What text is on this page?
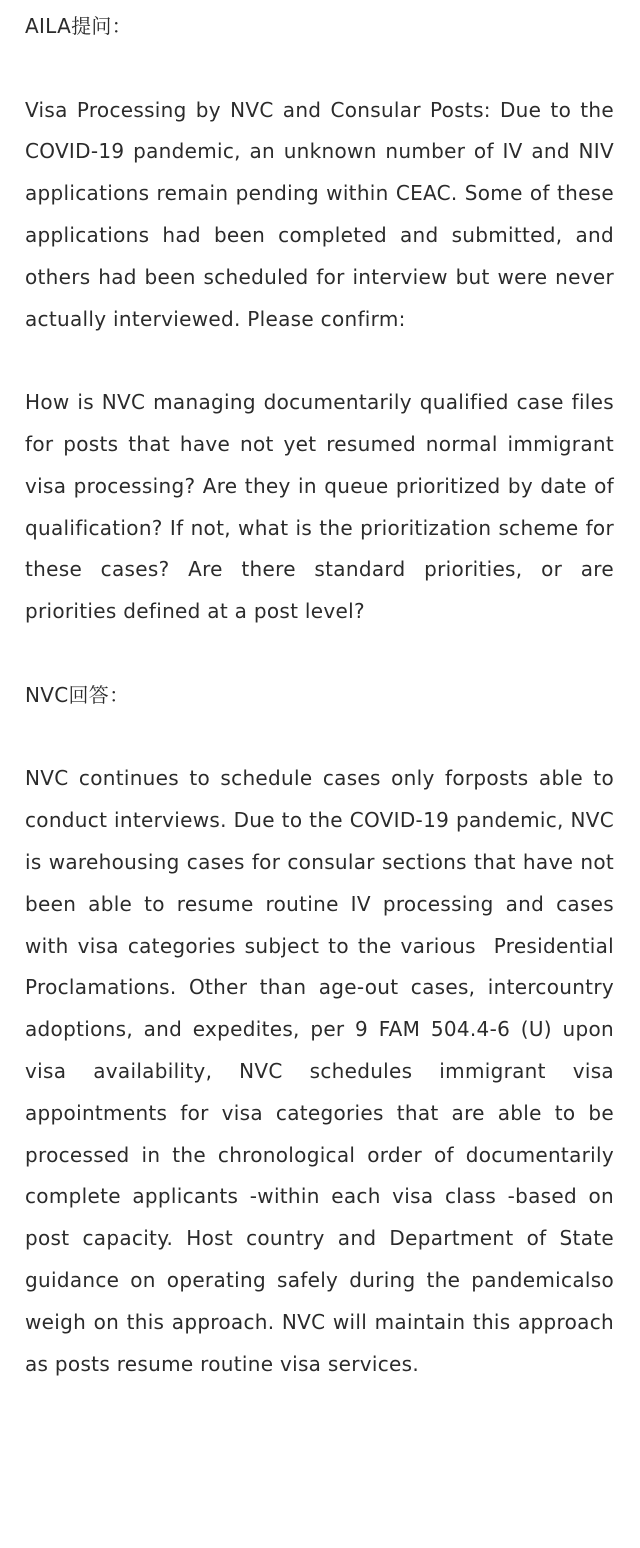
AILA提问：

Visa Processing by NVC and Consular Posts: Due to the COVID-19 pandemic, an unknown number of IV and NIV applications remain pending within CEAC. Some of these applications had been completed and submitted, and others had been scheduled for interview but were never actually interviewed. Please confirm:

How is NVC managing documentarily qualified case files for posts that have not yet resumed normal immigrant visa processing? Are they in queue prioritized by date of qualification? If not, what is the prioritization scheme for these cases? Are there standard priorities, or are priorities defined at a post level?

NVC回答：

NVC continues to schedule cases only forposts able to conduct interviews. Due to the COVID-19 pandemic, NVC is warehousing cases for consular sections that have not been able to resume routine IV processing and cases with visa categories subject to the various  Presidential Proclamations. Other than age-out cases, intercountry adoptions, and expedites, per 9 FAM 504.4-6 (U) upon visa availability, NVC schedules immigrant visa appointments for visa categories that are able to be processed in the chronological order of documentarily complete applicants -within each visa class -based on post capacity. Host country and Department of State guidance on operating safely during the pandemicalso weigh on this approach. NVC will maintain this approach as posts resume routine visa services.
